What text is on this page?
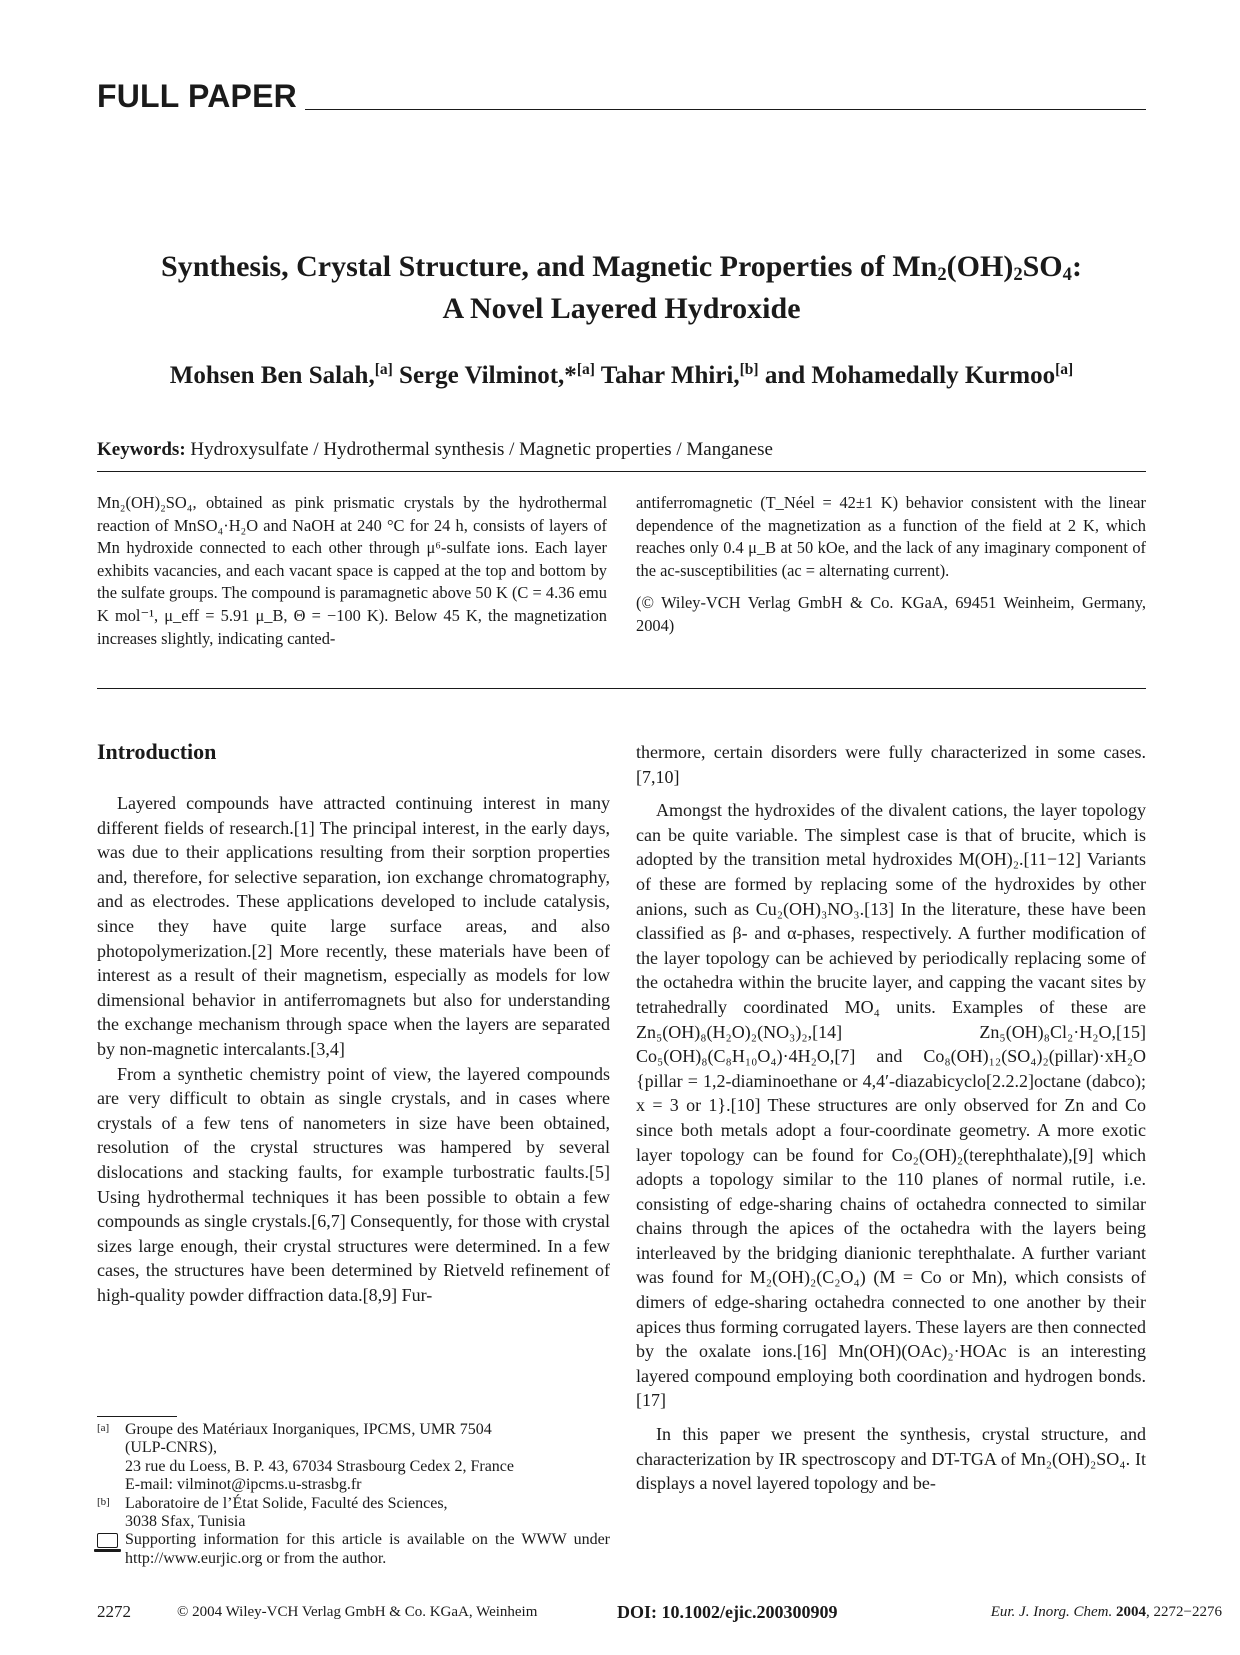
FULL PAPER
Synthesis, Crystal Structure, and Magnetic Properties of $Mn_2(OH)_2SO_4$:
A Novel Layered Hydroxide
Mohsen Ben Salah,[a] Serge Vilminot,*[a] Tahar Mhiri,[b] and Mohamedally Kurmoo[a]
Keywords: Hydroxysulfate / Hydrothermal synthesis / Magnetic properties / Manganese

Mn₂(OH)₂SO₄, obtained as pink prismatic crystals by the hydrothermal reaction of MnSO₄·H₂O and NaOH at 240 °C for 24 h, consists of layers of Mn hydroxide connected to each other through μ⁶-sulfate ions. Each layer exhibits vacancies, and each vacant space is capped at the top and bottom by the sulfate groups. The compound is paramagnetic above 50 K (C = 4.36 emu K mol⁻¹, μ_eff = 5.91 μ_B, Θ = −100 K). Below 45 K, the magnetization increases slightly, indicating canted-

antiferromagnetic (T_Néel = 42±1 K) behavior consistent with the linear dependence of the magnetization as a function of the field at 2 K, which reaches only 0.4 μ_B at 50 kOe, and the lack of any imaginary component of the ac-susceptibilities (ac = alternating current).

(© Wiley-VCH Verlag GmbH & Co. KGaA, 69451 Weinheim, Germany, 2004)

Introduction

Layered compounds have attracted continuing interest in many different fields of research.[1] The principal interest, in the early days, was due to their applications resulting from their sorption properties and, therefore, for selective separation, ion exchange chromatography, and as electrodes. These applications developed to include catalysis, since they have quite large surface areas, and also photopolymerization.[2] More recently, these materials have been of interest as a result of their magnetism, especially as models for low dimensional behavior in antiferromagnets but also for understanding the exchange mechanism through space when the layers are separated by non-magnetic intercalants.[3,4]

From a synthetic chemistry point of view, the layered compounds are very difficult to obtain as single crystals, and in cases where crystals of a few tens of nanometers in size have been obtained, resolution of the crystal structures was hampered by several dislocations and stacking faults, for example turbostratic faults.[5] Using hydrothermal techniques it has been possible to obtain a few compounds as single crystals.[6,7] Consequently, for those with crystal sizes large enough, their crystal structures were determined. In a few cases, the structures have been determined by Rietveld refinement of high-quality powder diffraction data.[8,9] Fur-

thermore, certain disorders were fully characterized in some cases.[7,10]

Amongst the hydroxides of the divalent cations, the layer topology can be quite variable. The simplest case is that of brucite, which is adopted by the transition metal hydroxides M(OH)₂.[11−12] Variants of these are formed by replacing some of the hydroxides by other anions, such as Cu₂(OH)₃NO₃.[13] In the literature, these have been classified as β- and α-phases, respectively. A further modification of the layer topology can be achieved by periodically replacing some of the octahedra within the brucite layer, and capping the vacant sites by tetrahedrally coordinated MO₄ units. Examples of these are Zn₅(OH)₈(H₂O)₂(NO₃)₂,[14] Zn₅(OH)₈Cl₂·H₂O,[15] Co₅(OH)₈(C₈H₁₀O₄)·4H₂O,[7] and Co₈(OH)₁₂(SO₄)₂(pillar)·xH₂O {pillar = 1,2-diaminoethane or 4,4′-diazabicyclo[2.2.2]octane (dabco); x = 3 or 1}.[10] These structures are only observed for Zn and Co since both metals adopt a four-coordinate geometry. A more exotic layer topology can be found for Co₂(OH)₂(terephthalate),[9] which adopts a topology similar to the 110 planes of normal rutile, i.e. consisting of edge-sharing chains of octahedra connected to similar chains through the apices of the octahedra with the layers being interleaved by the bridging dianionic terephthalate. A further variant was found for M₂(OH)₂(C₂O₄) (M = Co or Mn), which consists of dimers of edge-sharing octahedra connected to one another by their apices thus forming corrugated layers. These layers are then connected by the oxalate ions.[16] Mn(OH)(OAc)₂·HOAc is an interesting layered compound employing both coordination and hydrogen bonds.[17]

In this paper we present the synthesis, crystal structure, and characterization by IR spectroscopy and DT-TGA of Mn₂(OH)₂SO₄. It displays a novel layered topology and be-

[a] Groupe des Matériaux Inorganiques, IPCMS, UMR 7504
(ULP-CNRS),
23 rue du Loess, B. P. 43, 67034 Strasbourg Cedex 2, France
E-mail: vilminot@ipcms.u-strasbg.fr
[b] Laboratoire de l’État Solide, Faculté des Sciences,
3038 Sfax, Tunisia
Supporting information for this article is available on the WWW under http://www.eurjic.org or from the author.
2272	© 2004 Wiley-VCH Verlag GmbH & Co. KGaA, Weinheim	DOI: 10.1002/ejic.200300909	Eur. J. Inorg. Chem. 2004 , 2272−2276
